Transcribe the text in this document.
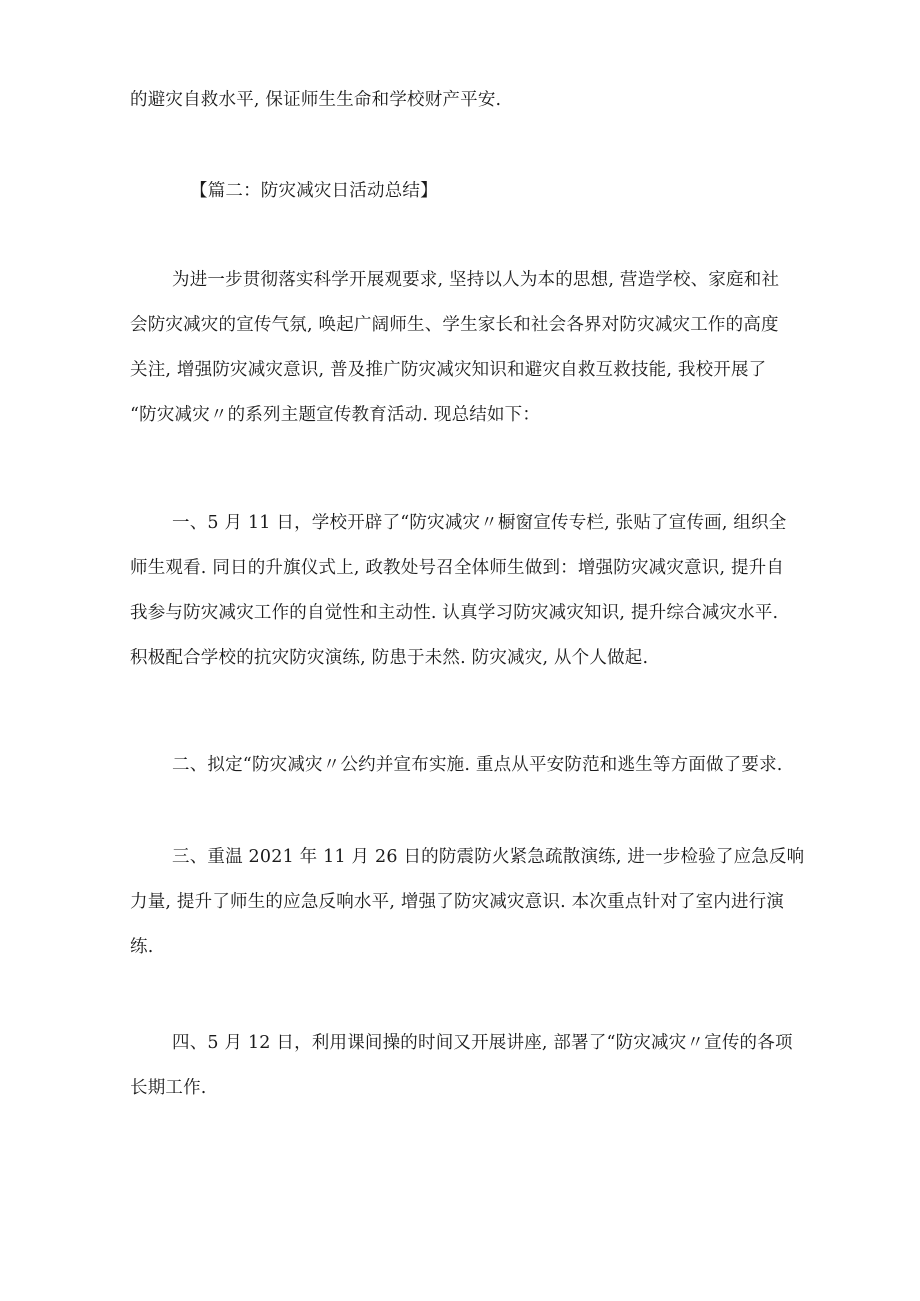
的避灾自救水平, 保证师生生命和学校财产平安.
【篇二：防灾减灾日活动总结】
为进一步贯彻落实科学开展观要求, 坚持以人为本的思想, 营造学校、家庭和社
会防灾减灾的宣传气氛, 唤起广阔师生、学生家长和社会各界对防灾减灾工作的高度
关注, 增强防灾减灾意识, 普及推广防灾减灾知识和避灾自救互救技能, 我校开展了
“防灾减灾〃的系列主题宣传教育活动. 现总结如下：
一、5 月 11 日，学校开辟了“防灾减灾〃橱窗宣传专栏, 张贴了宣传画, 组织全
师生观看. 同日的升旗仪式上, 政教处号召全体师生做到：增强防灾减灾意识, 提升自
我参与防灾减灾工作的自觉性和主动性. 认真学习防灾减灾知识, 提升综合减灾水平.
积极配合学校的抗灾防灾演练, 防患于未然. 防灾减灾, 从个人做起.
二、拟定“防灾减灾〃公约并宣布实施. 重点从平安防范和逃生等方面做了要求.
三、重温 2021 年 11 月 26 日的防震防火紧急疏散演练, 进一步检验了应急反响
力量, 提升了师生的应急反响水平, 增强了防灾减灾意识. 本次重点针对了室内进行演
练.
四、5 月 12 日，利用课间操的时间又开展讲座, 部署了“防灾减灾〃宣传的各项
长期工作.
